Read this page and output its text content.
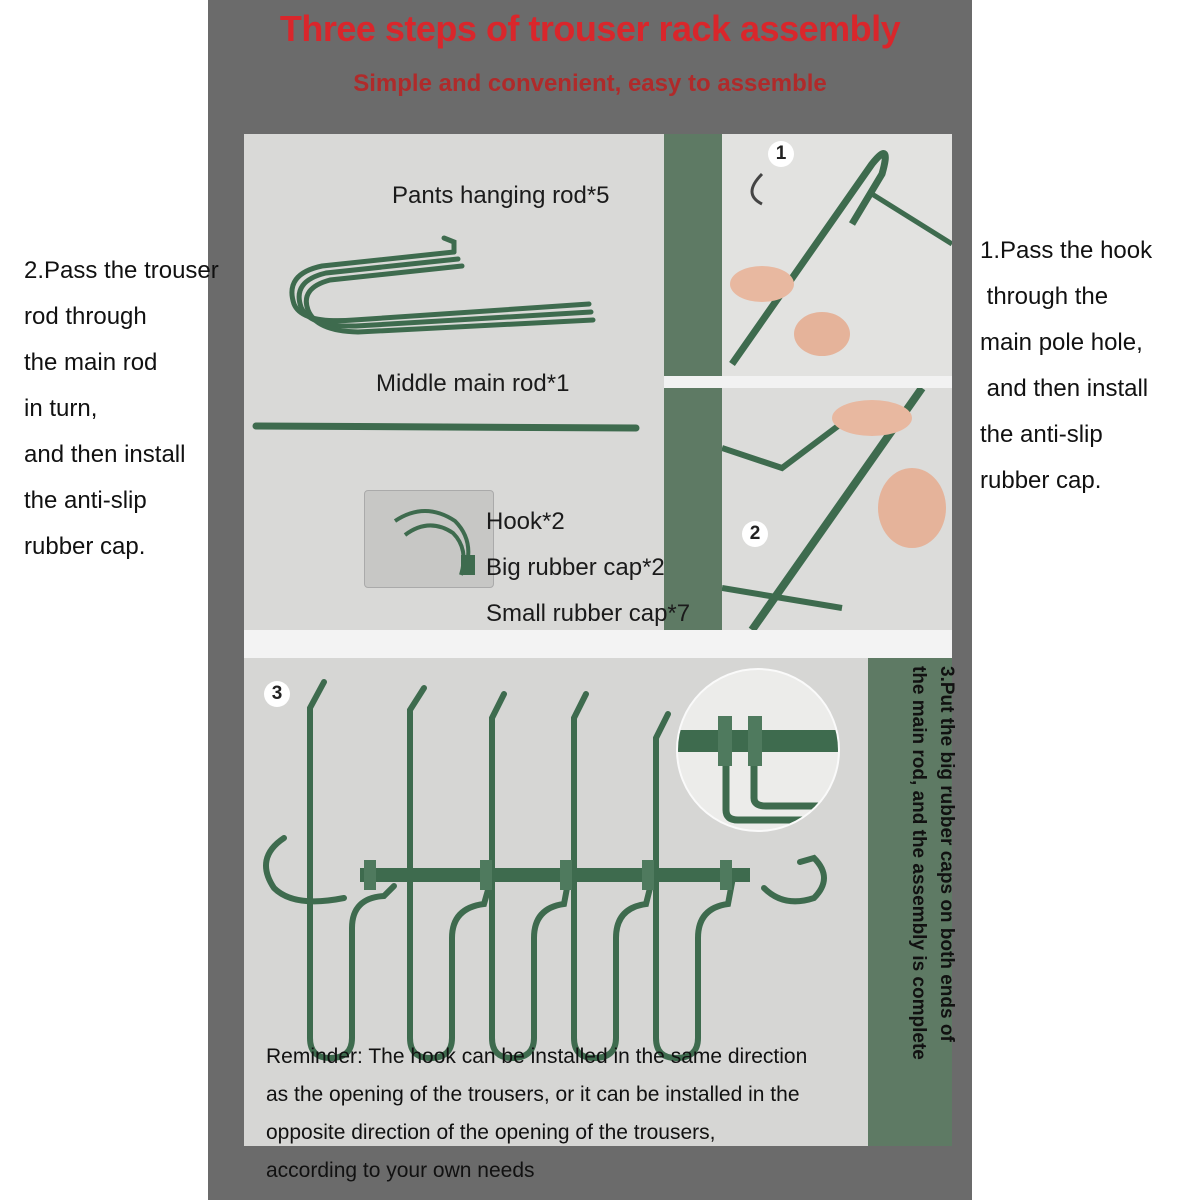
Three steps of trouser rack assembly
Simple and convenient, easy to assemble
2.Pass the trouser
rod through
the main rod
in turn,
and then install
the anti-slip
rubber cap.
1.Pass the hook
through the
main pole hole,
and then install
the anti-slip
rubber cap.
Pants hanging rod*5
Middle main rod*1
Hook*2
Big rubber cap*2
Small rubber cap*7
1
2
3	3.Put the big rubber caps on both ends of
the main rod, and the assembly is complete
Reminder: The hook can be installed in the same direction
as the opening of the trousers, or it can be installed in the
opposite direction of the opening of the trousers,
according to your own needs
